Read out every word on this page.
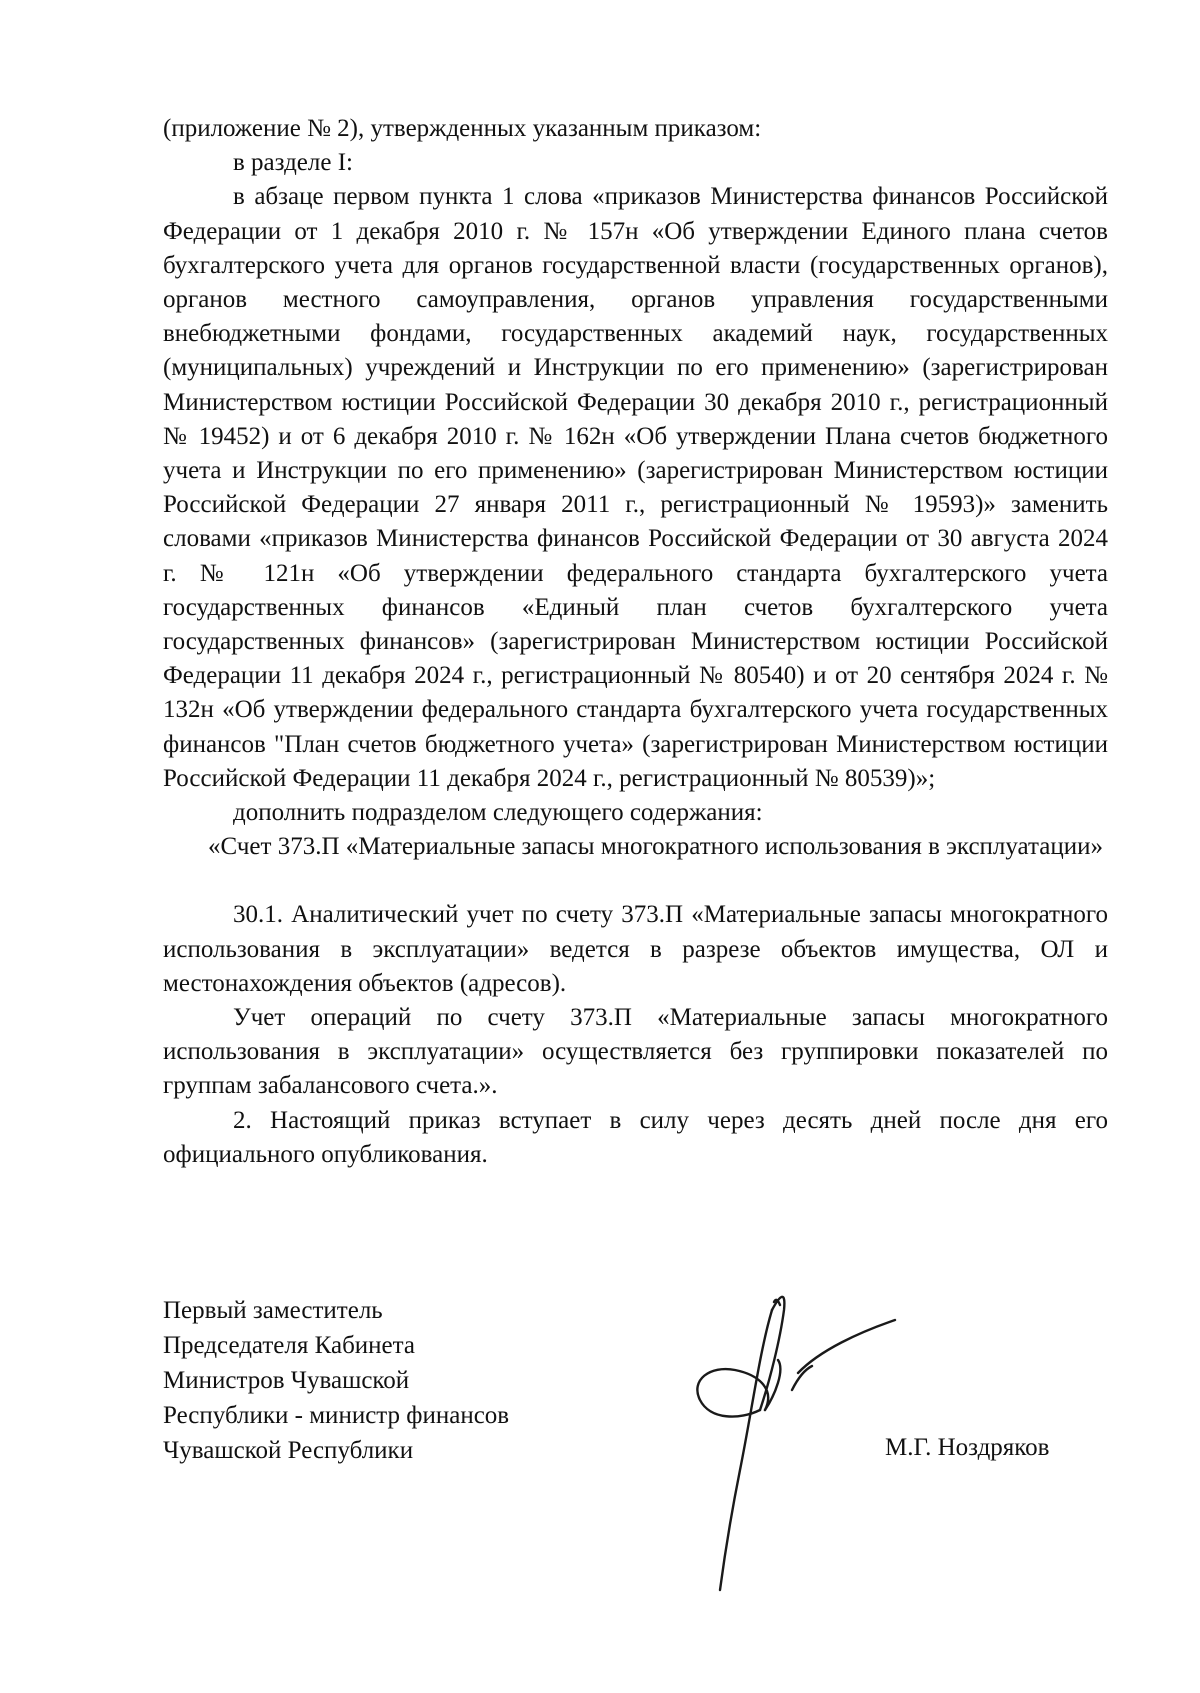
(приложение № 2), утвержденных указанным приказом:

в разделе I:

в абзаце первом пункта 1 слова «приказов Министерства финансов Российской Федерации от 1 декабря 2010 г. № 157н «Об утверждении Единого плана счетов бухгалтерского учета для органов государственной власти (государственных органов), органов местного самоуправления, органов управления государственными внебюджетными фондами, государственных академий наук, государственных (муниципальных) учреждений и Инструкции по его применению» (зарегистрирован Министерством юстиции Российской Федерации 30 декабря 2010 г., регистрационный № 19452) и от 6 декабря 2010 г. № 162н «Об утверждении Плана счетов бюджетного учета и Инструкции по его применению» (зарегистрирован Министерством юстиции Российской Федерации 27 января 2011 г., регистрационный № 19593)» заменить словами «приказов Министерства финансов Российской Федерации от 30 августа 2024 г. № 121н «Об утверждении федерального стандарта бухгалтерского учета государственных финансов «Единый план счетов бухгалтерского учета государственных финансов» (зарегистрирован Министерством юстиции Российской Федерации 11 декабря 2024 г., регистрационный № 80540) и от 20 сентября 2024 г. № 132н «Об утверждении федерального стандарта бухгалтерского учета государственных финансов "План счетов бюджетного учета» (зарегистрирован Министерством юстиции Российской Федерации 11 декабря 2024 г., регистрационный № 80539)»;

дополнить подразделом следующего содержания:

«Счет 373.П «Материальные запасы многократного использования в эксплуатации»

30.1. Аналитический учет по счету 373.П «Материальные запасы многократного использования в эксплуатации» ведется в разрезе объектов имущества, ОЛ и местонахождения объектов (адресов).

Учет операций по счету 373.П «Материальные запасы многократного использования в эксплуатации» осуществляется без группировки показателей по группам забалансового счета.».

2. Настоящий приказ вступает в силу через десять дней после дня его официального опубликования.

Первый заместитель
Председателя Кабинета
Министров Чувашской
Республики - министр финансов
Чувашской Республики	М.Г. Ноздряков
